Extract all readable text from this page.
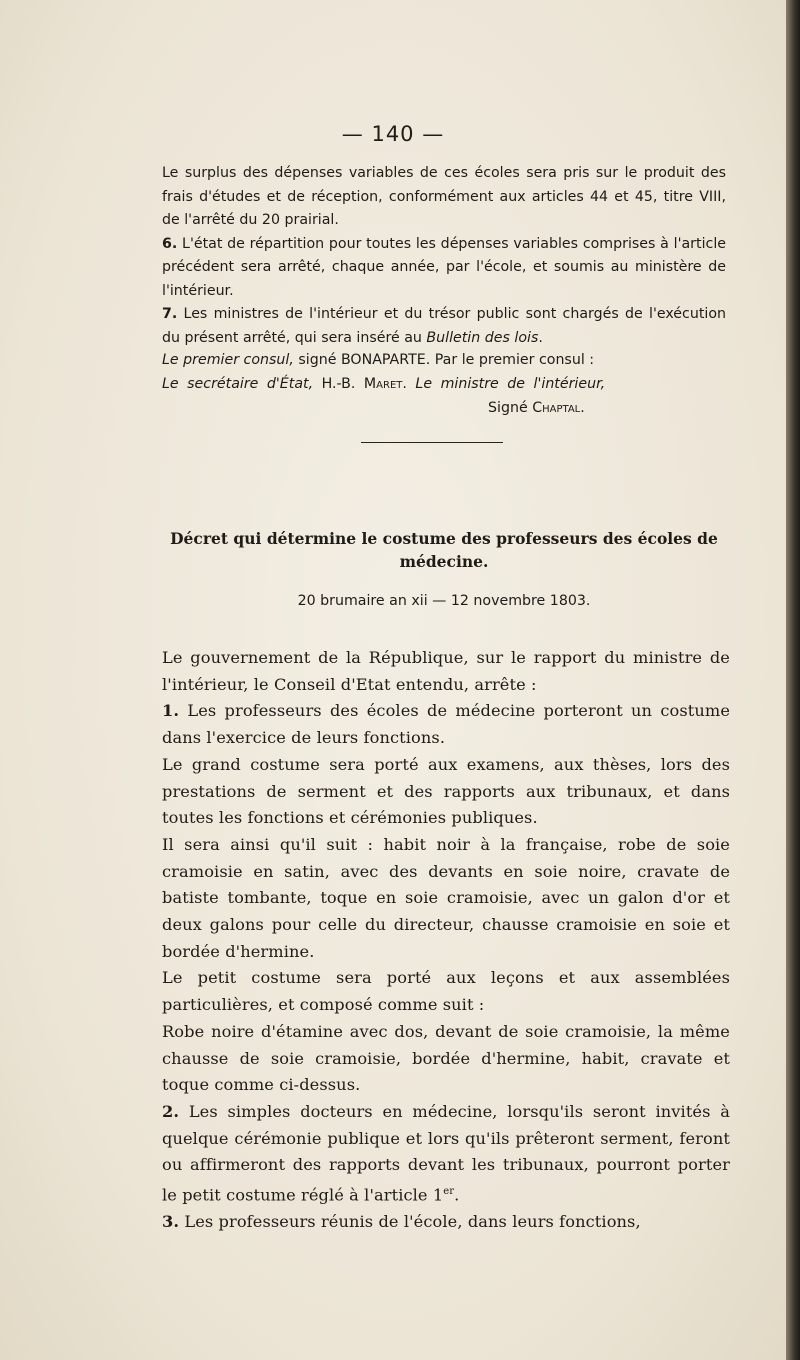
— 140 —

Le surplus des dépenses variables de ces écoles sera pris sur le produit des frais d'études et de réception, conformément aux articles 44 et 45, titre VIII, de l'arrêté du 20 prairial.

6. L'état de répartition pour toutes les dépenses variables comprises à l'article précédent sera arrêté, chaque année, par l'école, et soumis au ministère de l'intérieur.

7. Les ministres de l'intérieur et du trésor public sont chargés de l'exécution du présent arrêté, qui sera inséré au Bulletin des lois.

Le premier consul, signé BONAPARTE. Par le premier consul :
Le secrétaire d'État, H.-B. Maret. Le ministre de l'intérieur,
Signé Chaptal.
Décret qui détermine le costume des professeurs des écoles de médecine.
20 brumaire an xii — 12 novembre 1803.

Le gouvernement de la République, sur le rapport du ministre de l'intérieur, le Conseil d'Etat entendu, arrête :

1. Les professeurs des écoles de médecine porteront un costume dans l'exercice de leurs fonctions.

Le grand costume sera porté aux examens, aux thèses, lors des prestations de serment et des rapports aux tribunaux, et dans toutes les fonctions et cérémonies publiques.

Il sera ainsi qu'il suit : habit noir à la française, robe de soie cramoisie en satin, avec des devants en soie noire, cravate de batiste tombante, toque en soie cramoisie, avec un galon d'or et deux galons pour celle du directeur, chausse cramoisie en soie et bordée d'hermine.

Le petit costume sera porté aux leçons et aux assemblées particulières, et composé comme suit :

Robe noire d'étamine avec dos, devant de soie cramoisie, la même chausse de soie cramoisie, bordée d'hermine, habit, cravate et toque comme ci-dessus.

2. Les simples docteurs en médecine, lorsqu'ils seront invités à quelque cérémonie publique et lors qu'ils prêteront serment, feront ou affirmeront des rapports devant les tribunaux, pourront porter le petit costume réglé à l'article 1er.

3. Les professeurs réunis de l'école, dans leurs fonctions,
